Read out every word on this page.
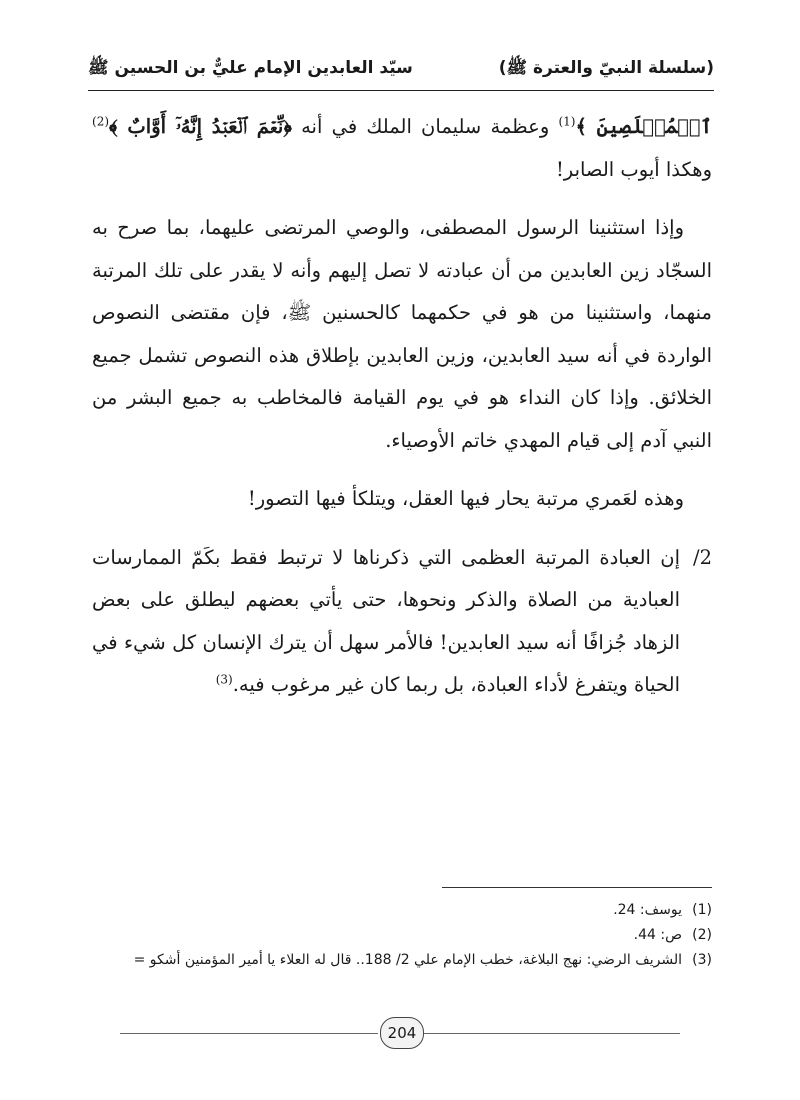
(سلسلة النبيّ والعترة ﷺ)
سيّد العابدين الإمام عليٌّ بن الحسين ﷺ

ٱلۡمُخۡلَصِينَ ﴾$^{(1)}$ وعظمة سليمان الملك في أنه ﴿نِّعۡمَ ٱلۡعَبۡدُ إِنَّهُۥٓ أَوَّابٌ ﴾$^{(2)}$ وهكذا أيوب الصابر!

وإذا استثنينا الرسول المصطفى، والوصي المرتضى عليهما، بما صرح به السجّاد زين العابدين من أن عبادته لا تصل إليهم وأنه لا يقدر على تلك المرتبة منهما، واستثنينا من هو في حكمهما كالحسنين ﷺ، فإن مقتضى النصوص الواردة في أنه سيد العابدين، وزين العابدين بإطلاق هذه النصوص تشمل جميع الخلائق. وإذا كان النداء هو في يوم القيامة فالمخاطب به جميع البشر من النبي آدم إلى قيام المهدي خاتم الأوصياء.

وهذه لعَمري مرتبة يحار فيها العقل، ويتلكأ فيها التصور!

2/
إن العبادة المرتبة العظمى التي ذكرناها لا ترتبط فقط بكَمّ الممارسات العبادية من الصلاة والذكر ونحوها، حتى يأتي بعضهم ليطلق على بعض الزهاد جُزافًا أنه سيد العابدين! فالأمر سهل أن يترك الإنسان كل شيء في الحياة ويتفرغ لأداء العبادة، بل ربما كان غير مرغوب فيه.$^{(3)}$
(1)
يوسف: 24.
(2)
ص: 44.
(3)
الشريف الرضي: نهج البلاغة، خطب الإمام علي 2/ 188.. قال له العلاء يا أمير المؤمنين أشكو =
204
